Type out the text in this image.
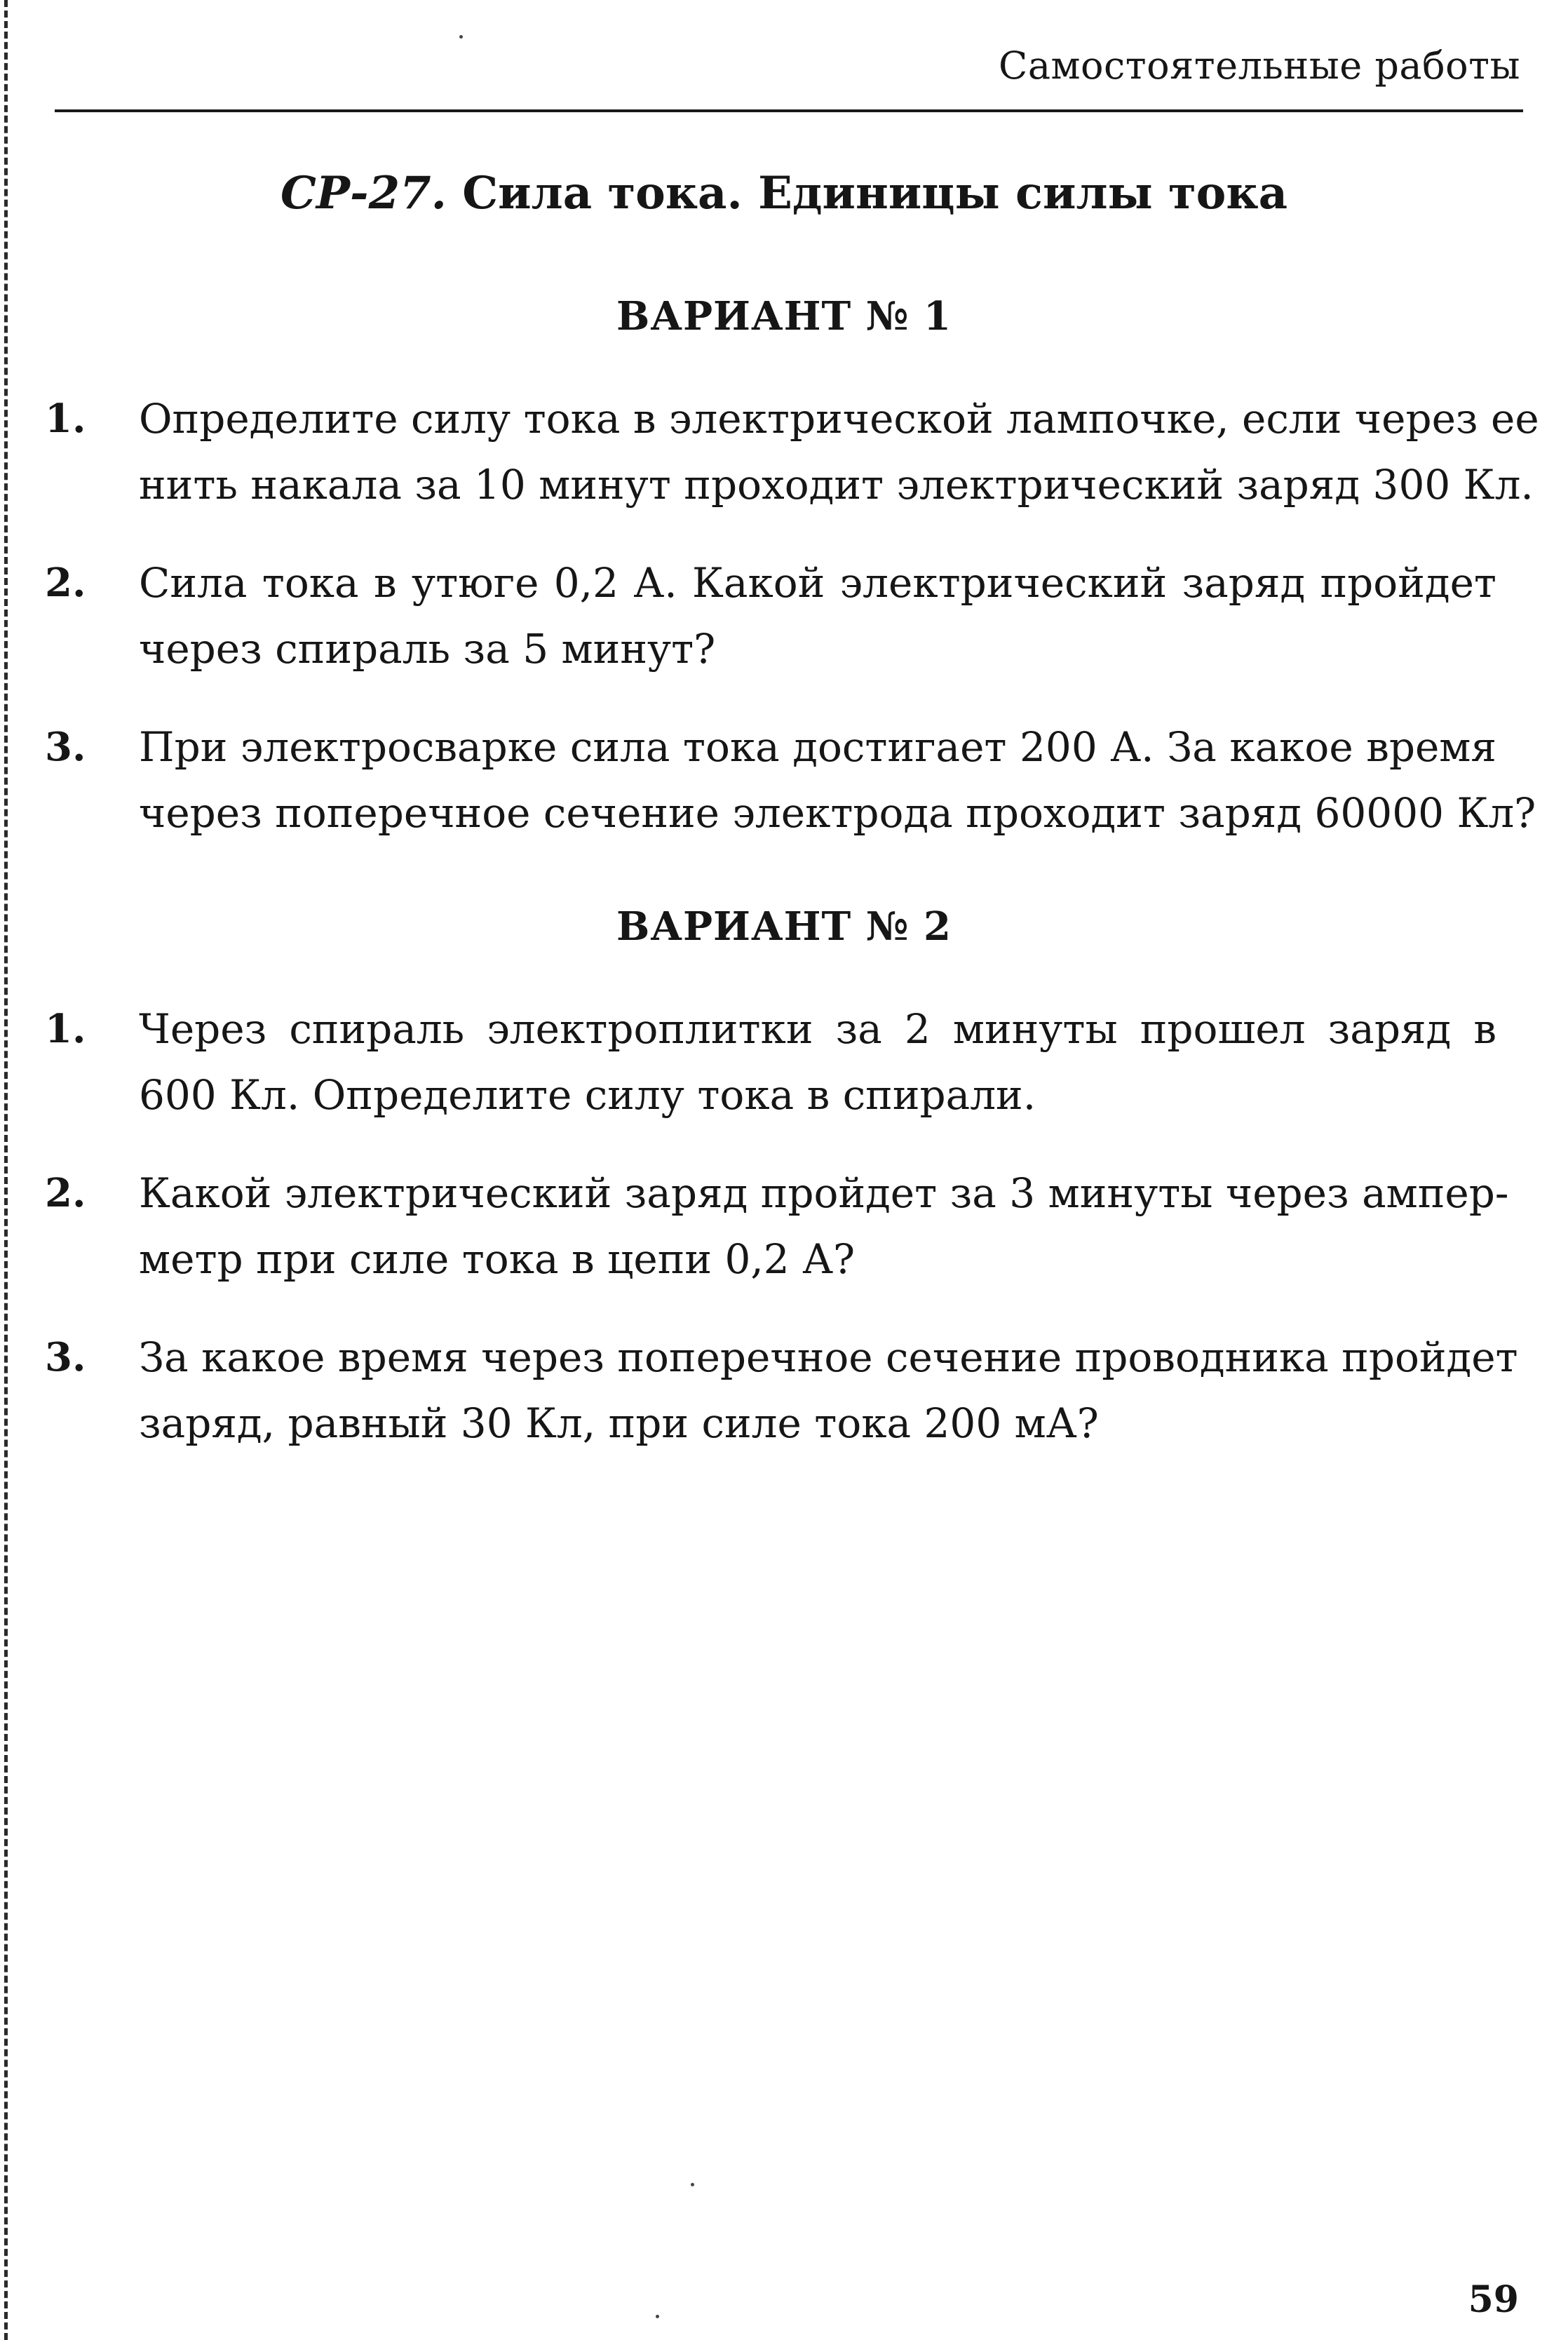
Самостоятельные работы
СР-27. Сила тока. Единицы силы тока
ВАРИАНТ № 1
1. Определите силу тока в электрической лампочке, если через ее
нить накала за 10 минут проходит электрический заряд 300 Кл.
2. Сила тока в утюге 0,2 А. Какой электрический заряд пройдет
через спираль за 5 минут?
3. При электросварке сила тока достигает 200 А. За какое время
через поперечное сечение электрода проходит заряд 60000 Кл?
ВАРИАНТ № 2
1. Через спираль электроплитки за 2 минуты прошел заряд в
600 Кл. Определите силу тока в спирали.
2. Какой электрический заряд пройдет за 3 минуты через ампер-
метр при силе тока в цепи 0,2 А?
3. За какое время через поперечное сечение проводника пройдет
заряд, равный 30 Кл, при силе тока 200 мА?
59
